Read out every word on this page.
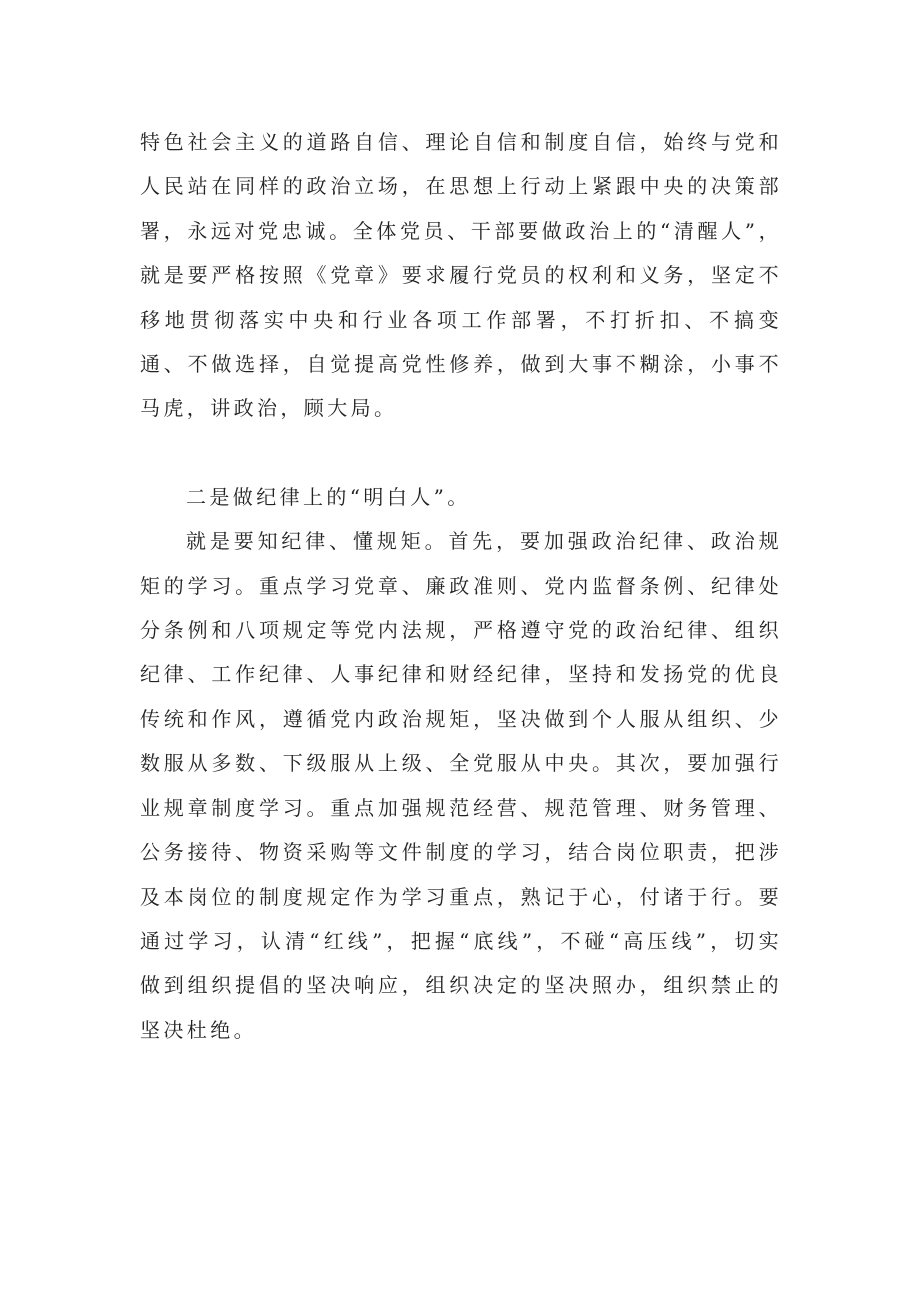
特色社会主义的道路自信、理论自信和制度自信，始终与党和人民站在同样的政治立场，在思想上行动上紧跟中央的决策部署，永远对党忠诚。全体党员、干部要做政治上的“清醒人”，就是要严格按照《党章》要求履行党员的权利和义务，坚定不移地贯彻落实中央和行业各项工作部署，不打折扣、不搞变通、不做选择，自觉提高党性修养，做到大事不糊涂，小事不马虎，讲政治，顾大局。

二是做纪律上的“明白人”。

就是要知纪律、懂规矩。首先，要加强政治纪律、政治规矩的学习。重点学习党章、廉政准则、党内监督条例、纪律处分条例和八项规定等党内法规，严格遵守党的政治纪律、组织纪律、工作纪律、人事纪律和财经纪律，坚持和发扬党的优良传统和作风，遵循党内政治规矩，坚决做到个人服从组织、少数服从多数、下级服从上级、全党服从中央。其次，要加强行业规章制度学习。重点加强规范经营、规范管理、财务管理、公务接待、物资采购等文件制度的学习，结合岗位职责，把涉及本岗位的制度规定作为学习重点，熟记于心，付诸于行。要通过学习，认清“红线”，把握“底线”，不碰“高压线”，切实做到组织提倡的坚决响应，组织决定的坚决照办，组织禁止的坚决杜绝。
